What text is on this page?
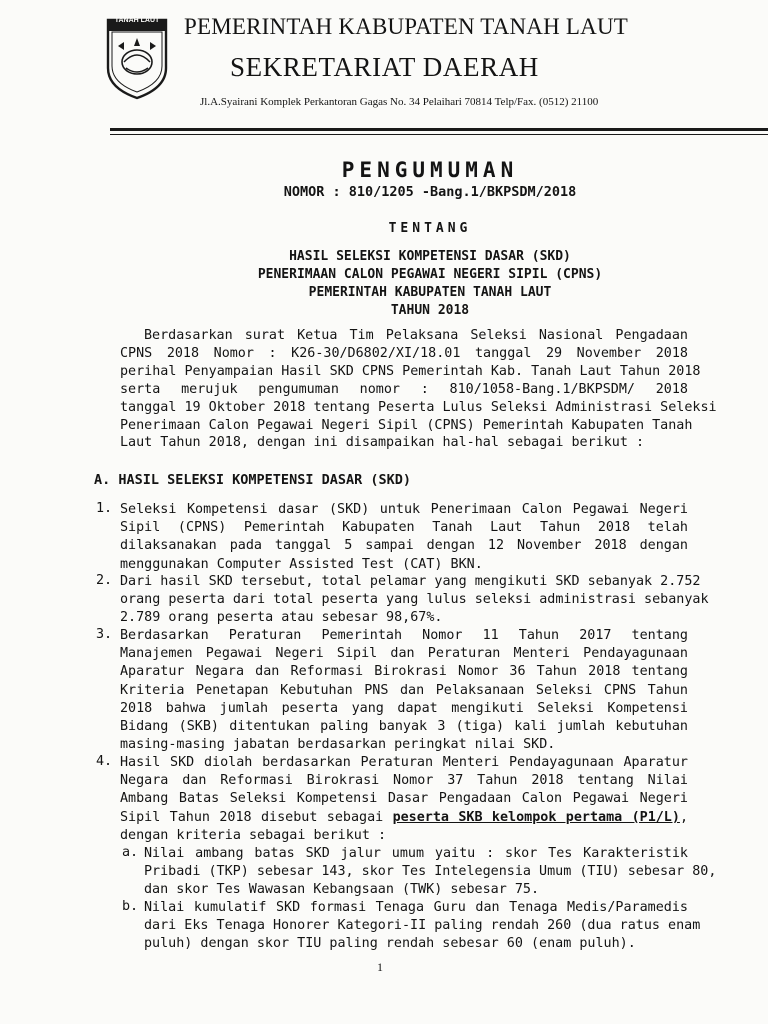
TANAH LAUT PEMERINTAH KABUPATEN TANAH LAUT
SEKRETARIAT DAERAH
Jl.A.Syairani Komplek Perkantoran Gagas No. 34 Pelaihari 70814 Telp/Fax. (0512) 21100
PENGUMUMAN
NOMOR : 810/1205 -Bang.1/BKPSDM/2018
TENTANG
HASIL SELEKSI KOMPETENSI DASAR (SKD)
PENERIMAAN CALON PEGAWAI NEGERI SIPIL (CPNS)
PEMERINTAH KABUPATEN TANAH LAUT
TAHUN 2018
Berdasarkan surat Ketua Tim Pelaksana Seleksi Nasional Pengadaan
CPNS 2018 Nomor : K26-30/D6802/XI/18.01 tanggal 29 November 2018
perihal Penyampaian Hasil SKD CPNS Pemerintah Kab. Tanah Laut Tahun 2018
serta merujuk pengumuman nomor : 810/1058-Bang.1/BKPSDM/ 2018
tanggal 19 Oktober 2018 tentang Peserta Lulus Seleksi Administrasi Seleksi
Penerimaan Calon Pegawai Negeri Sipil (CPNS) Pemerintah Kabupaten Tanah
Laut Tahun 2018, dengan ini disampaikan hal-hal sebagai berikut :
A. HASIL SELEKSI KOMPETENSI DASAR (SKD)
1. Seleksi Kompetensi dasar (SKD) untuk Penerimaan Calon Pegawai Negeri
Sipil (CPNS) Pemerintah Kabupaten Tanah Laut Tahun 2018 telah
dilaksanakan pada tanggal 5 sampai dengan 12 November 2018 dengan
menggunakan Computer Assisted Test (CAT) BKN.
2. Dari hasil SKD tersebut, total pelamar yang mengikuti SKD sebanyak 2.752
orang peserta dari total peserta yang lulus seleksi administrasi sebanyak
2.789 orang peserta atau sebesar 98,67%.
3. Berdasarkan Peraturan Pemerintah Nomor 11 Tahun 2017 tentang
Manajemen Pegawai Negeri Sipil dan Peraturan Menteri Pendayagunaan
Aparatur Negara dan Reformasi Birokrasi Nomor 36 Tahun 2018 tentang
Kriteria Penetapan Kebutuhan PNS dan Pelaksanaan Seleksi CPNS Tahun
2018 bahwa jumlah peserta yang dapat mengikuti Seleksi Kompetensi
Bidang (SKB) ditentukan paling banyak 3 (tiga) kali jumlah kebutuhan
masing-masing jabatan berdasarkan peringkat nilai SKD.
4. Hasil SKD diolah berdasarkan Peraturan Menteri Pendayagunaan Aparatur
Negara dan Reformasi Birokrasi Nomor 37 Tahun 2018 tentang Nilai
Ambang Batas Seleksi Kompetensi Dasar Pengadaan Calon Pegawai Negeri
Sipil Tahun 2018 disebut sebagai peserta SKB kelompok pertama (P1/L),
dengan kriteria sebagai berikut :
a. Nilai ambang batas SKD jalur umum yaitu : skor Tes Karakteristik
Pribadi (TKP) sebesar 143, skor Tes Intelegensia Umum (TIU) sebesar 80,
dan skor Tes Wawasan Kebangsaan (TWK) sebesar 75.
b. Nilai kumulatif SKD formasi Tenaga Guru dan Tenaga Medis/Paramedis
dari Eks Tenaga Honorer Kategori-II paling rendah 260 (dua ratus enam
puluh) dengan skor TIU paling rendah sebesar 60 (enam puluh).
1
